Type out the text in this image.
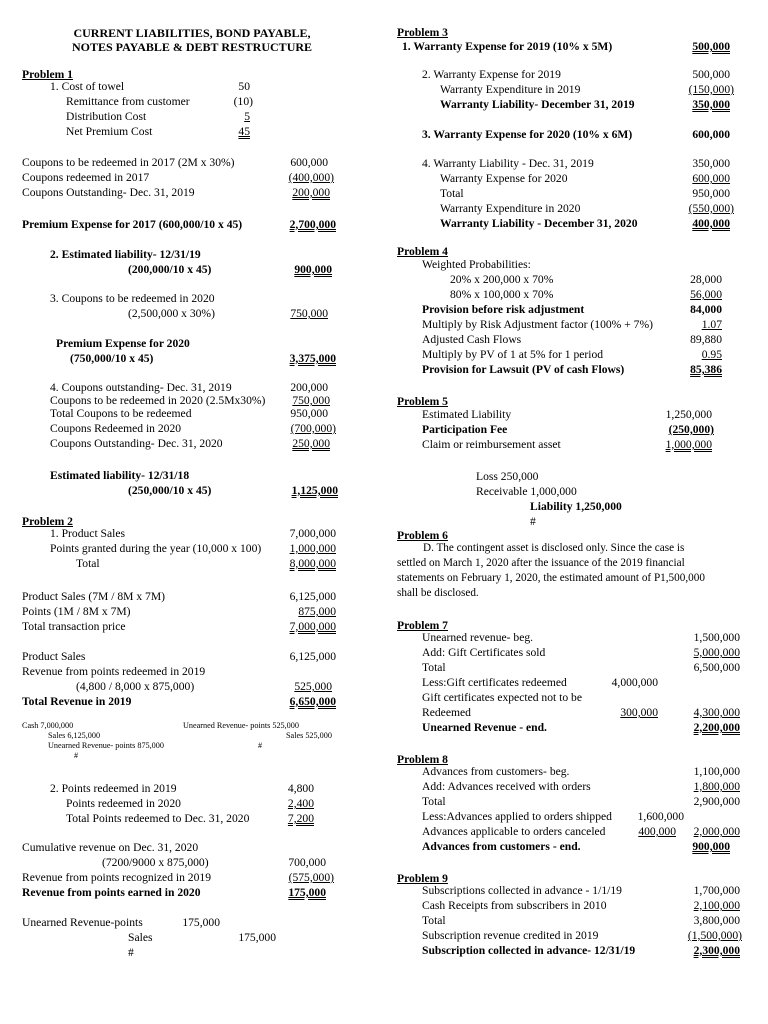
CURRENT LIABILITIES, BOND PAYABLE,
NOTES PAYABLE & DEBT RESTRUCTURE
Problem 1
1. Cost of towel	50
Remittance from customer	(10)
Distribution Cost	5
Net Premium Cost	45
Coupons to be redeemed in 2017 (2M x 30%)	600,000
Coupons redeemed in 2017	(400,000)
Coupons Outstanding- Dec. 31, 2019	200,000
Premium Expense for 2017 (600,000/10 x 45)	2,700,000
2. Estimated liability- 12/31/19
(200,000/10 x 45)	900,000
3. Coupons to be redeemed in 2020
(2,500,000 x 30%)	750,000
Premium Expense for 2020
(750,000/10 x 45)	3,375,000
4. Coupons outstanding- Dec. 31, 2019	200,000
Coupons to be redeemed in 2020 (2.5Mx30%)	750,000
Total Coupons to be redeemed	950,000
Coupons Redeemed in 2020	(700,000)
Coupons Outstanding- Dec. 31, 2020	250,000
Estimated liability- 12/31/18
(250,000/10 x 45)	1,125,000
Problem 2
1. Product Sales	7,000,000
Points granted during the year (10,000 x 100)	1,000,000
Total	8,000,000
Product Sales (7M / 8M x 7M)	6,125,000
Points (1M / 8M x 7M)	875,000
Total transaction price	7,000,000
Product Sales	6,125,000
Revenue from points redeemed in 2019
(4,800 / 8,000 x 875,000)	525,000
Total Revenue in 2019	6,650,000
Cash 7,000,000	Unearned Revenue- points 525,000
Sales 6,125,000	Sales 525,000
Unearned Revenue- points 875,000	#
#
2. Points redeemed in 2019	4,800
Points redeemed in 2020	2,400
Total Points redeemed to Dec. 31, 2020	7,200
Cumulative revenue on Dec. 31, 2020
(7200/9000 x 875,000)	700,000
Revenue from points recognized in 2019	(575,000)
Revenue from points earned in 2020	175,000
Unearned Revenue-points	175,000
Sales	175,000
#
Problem 3
1. Warranty Expense for 2019 (10% x 5M)	500,000
2. Warranty Expense for 2019	500,000
Warranty Expenditure in 2019	(150,000)
Warranty Liability- December 31, 2019	350,000
3. Warranty Expense for 2020 (10% x 6M)	600,000
4. Warranty Liability - Dec. 31, 2019	350,000
Warranty Expense for 2020	600,000
Total	950,000
Warranty Expenditure in 2020	(550,000)
Warranty Liability - December 31, 2020	400,000
Problem 4
Weighted Probabilities:
20% x 200,000 x 70%	28,000
80% x 100,000 x 70%	56,000
Provision before risk adjustment	84,000
Multiply by Risk Adjustment factor (100% + 7%)	1.07
Adjusted Cash Flows	89,880
Multiply by PV of 1 at 5% for 1 period	0.95
Provision for Lawsuit (PV of cash Flows)	85,386
Problem 5
Estimated Liability	1,250,000
Participation Fee	(250,000)
Claim or reimbursement asset	1,000,000
Loss 250,000
Receivable 1,000,000
Liability 1,250,000
#
Problem 6
D. The contingent asset is disclosed only. Since the case is
settled on March 1, 2020 after the issuance of the 2019 financial
statements on February 1, 2020, the estimated amount of P1,500,000
shall be disclosed.
Problem 7
Unearned revenue- beg.	1,500,000
Add: Gift Certificates sold	5,000,000
Total	6,500,000
Less:Gift certificates redeemed	4,000,000
Gift certificates expected not to be
Redeemed	300,000	4,300,000
Unearned Revenue - end.	2,200,000
Problem 8
Advances from customers- beg.	1,100,000
Add: Advances received with orders	1,800,000
Total	2,900,000
Less:Advances applied to orders shipped	1,600,000
Advances applicable to orders canceled	400,000	2,000,000
Advances from customers - end.	900,000
Problem 9
Subscriptions collected in advance - 1/1/19	1,700,000
Cash Receipts from subscribers in 2010	2,100,000
Total	3,800,000
Subscription revenue credited in 2019	(1,500,000)
Subscription collected in advance- 12/31/19	2,300,000
